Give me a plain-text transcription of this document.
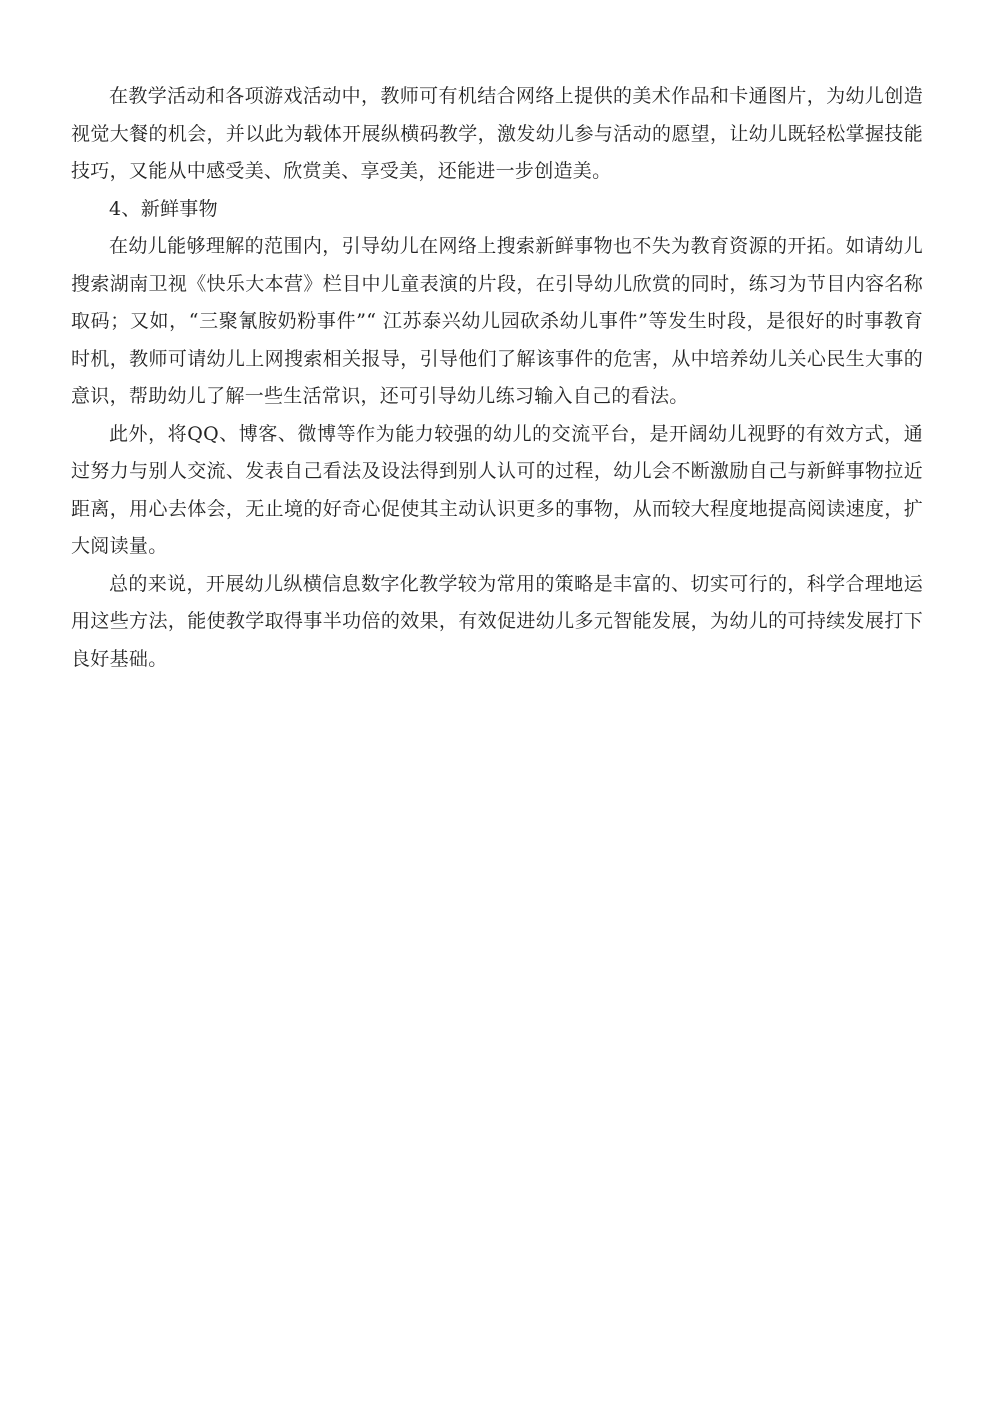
在教学活动和各项游戏活动中，教师可有机结合网络上提供的美术作品和卡通图片，为幼儿创造视觉大餐的机会，并以此为载体开展纵横码教学，激发幼儿参与活动的愿望，让幼儿既轻松掌握技能技巧，又能从中感受美、欣赏美、享受美，还能进一步创造美。

4、新鲜事物

在幼儿能够理解的范围内，引导幼儿在网络上搜索新鲜事物也不失为教育资源的开拓。如请幼儿搜索湖南卫视《快乐大本营》栏目中儿童表演的片段，在引导幼儿欣赏的同时，练习为节目内容名称取码；又如，“三聚氰胺奶粉事件”“ 江苏泰兴幼儿园砍杀幼儿事件”等发生时段，是很好的时事教育时机，教师可请幼儿上网搜索相关报导，引导他们了解该事件的危害，从中培养幼儿关心民生大事的意识，帮助幼儿了解一些生活常识，还可引导幼儿练习输入自己的看法。

此外，将QQ、博客、微博等作为能力较强的幼儿的交流平台，是开阔幼儿视野的有效方式，通过努力与别人交流、发表自己看法及设法得到别人认可的过程，幼儿会不断激励自己与新鲜事物拉近距离，用心去体会，无止境的好奇心促使其主动认识更多的事物，从而较大程度地提高阅读速度，扩大阅读量。

总的来说，开展幼儿纵横信息数字化教学较为常用的策略是丰富的、切实可行的，科学合理地运用这些方法，能使教学取得事半功倍的效果，有效促进幼儿多元智能发展，为幼儿的可持续发展打下良好基础。
